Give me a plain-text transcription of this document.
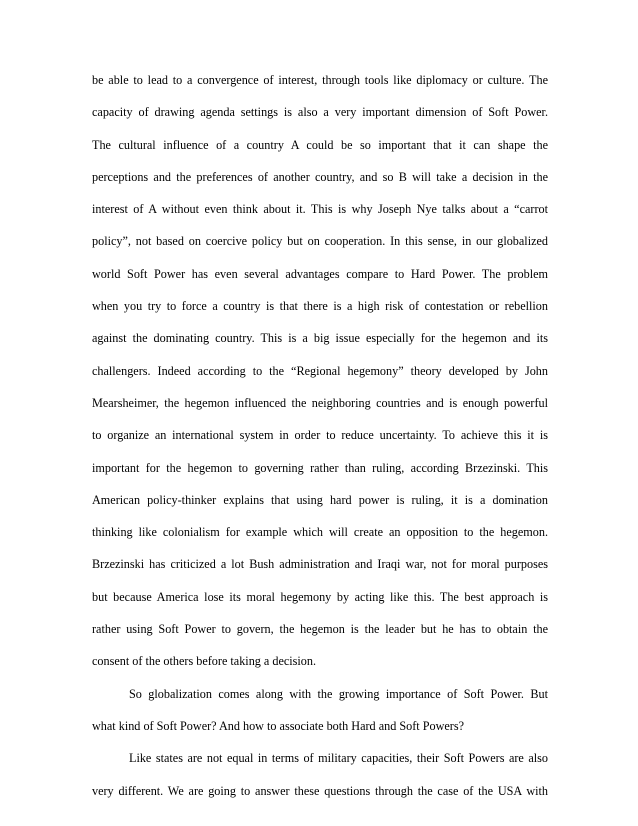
be able to lead to a convergence of interest, through tools like diplomacy or culture. The
capacity of drawing agenda settings is also a very important dimension of Soft Power.
The cultural influence of a country A could be so important that it can shape the
perceptions and the preferences of another country, and so B will take a decision in the
interest of A without even think about it. This is why Joseph Nye talks about a “carrot
policy”, not based on coercive policy but on cooperation. In this sense, in our globalized
world Soft Power has even several advantages compare to Hard Power. The problem
when you try to force a country is that there is a high risk of contestation or rebellion
against the dominating country. This is a big issue especially for the hegemon and its
challengers. Indeed according to the “Regional hegemony” theory developed by John
Mearsheimer, the hegemon influenced the neighboring countries and is enough powerful
to organize an international system in order to reduce uncertainty. To achieve this it is
important for the hegemon to governing rather than ruling, according Brzezinski. This
American policy-thinker explains that using hard power is ruling, it is a domination
thinking like colonialism for example which will create an opposition to the hegemon.
Brzezinski has criticized a lot Bush administration and Iraqi war, not for moral purposes
but because America lose its moral hegemony by acting like this. The best approach is
rather using Soft Power to govern, the hegemon is the leader but he has to obtain the
consent of the others before taking a decision.
So globalization comes along with the growing importance of Soft Power. But
what kind of Soft Power? And how to associate both Hard and Soft Powers?
Like states are not equal in terms of military capacities, their Soft Powers are also
very different. We are going to answer these questions through the case of the USA with
